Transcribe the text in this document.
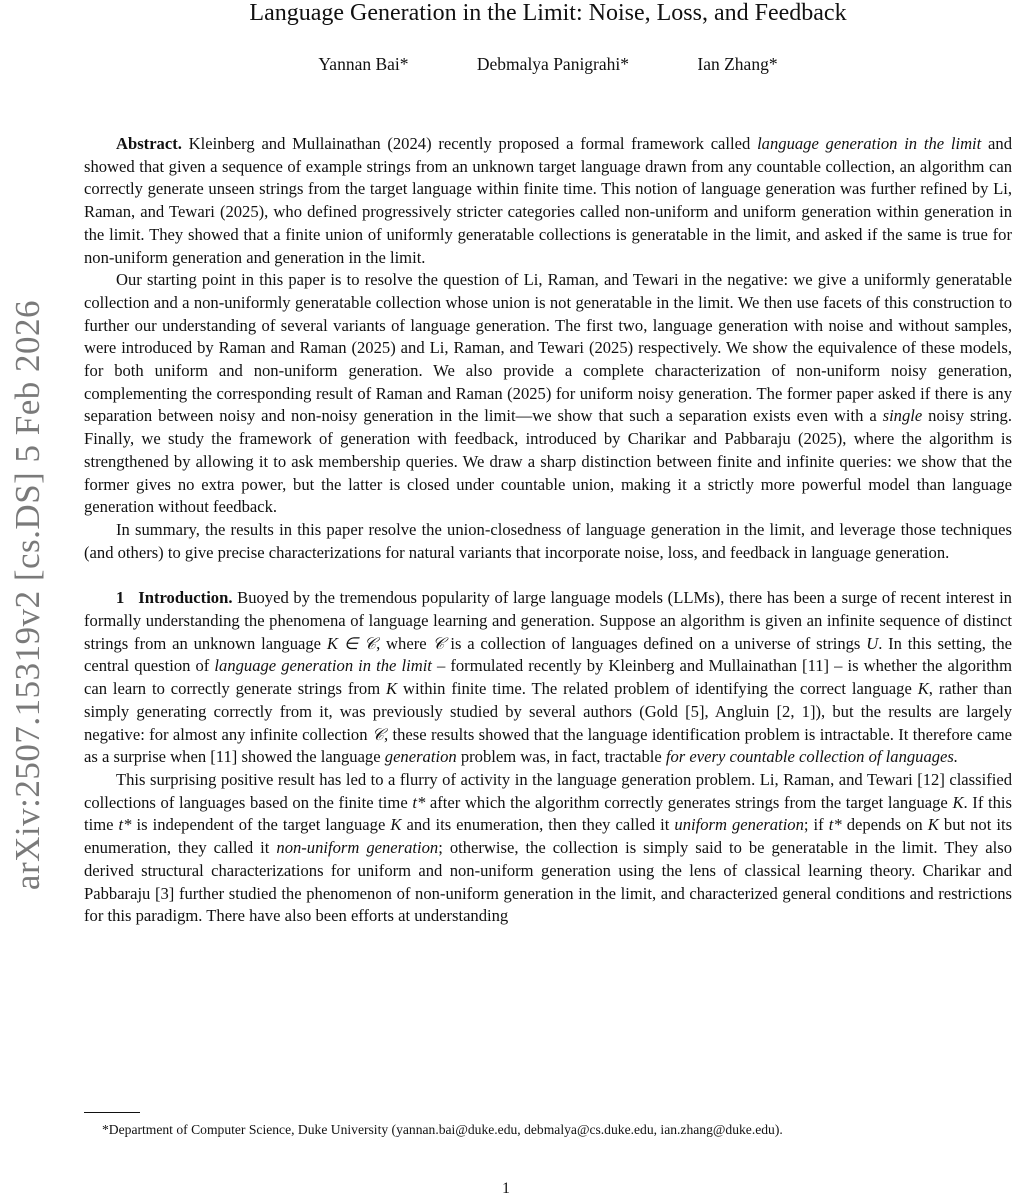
arXiv:2507.15319v2 [cs.DS] 5 Feb 2026
Language Generation in the Limit: Noise, Loss, and Feedback
Yannan Bai*	Debmalya Panigrahi*	Ian Zhang*

Abstract. Kleinberg and Mullainathan (2024) recently proposed a formal framework called language generation in the limit and showed that given a sequence of example strings from an unknown target language drawn from any countable collection, an algorithm can correctly generate unseen strings from the target language within finite time. This notion of language generation was further refined by Li, Raman, and Tewari (2025), who defined progressively stricter categories called non-uniform and uniform generation within generation in the limit. They showed that a finite union of uniformly generatable collections is generatable in the limit, and asked if the same is true for non-uniform generation and generation in the limit.

Our starting point in this paper is to resolve the question of Li, Raman, and Tewari in the negative: we give a uniformly generatable collection and a non-uniformly generatable collection whose union is not generatable in the limit. We then use facets of this construction to further our understanding of several variants of language generation. The first two, language generation with noise and without samples, were introduced by Raman and Raman (2025) and Li, Raman, and Tewari (2025) respectively. We show the equivalence of these models, for both uniform and non-uniform generation. We also provide a complete characterization of non-uniform noisy generation, complementing the corresponding result of Raman and Raman (2025) for uniform noisy generation. The former paper asked if there is any separation between noisy and non-noisy generation in the limit—we show that such a separation exists even with a single noisy string. Finally, we study the framework of generation with feedback, introduced by Charikar and Pabbaraju (2025), where the algorithm is strengthened by allowing it to ask membership queries. We draw a sharp distinction between finite and infinite queries: we show that the former gives no extra power, but the latter is closed under countable union, making it a strictly more powerful model than language generation without feedback.

In summary, the results in this paper resolve the union-closedness of language generation in the limit, and leverage those techniques (and others) to give precise characterizations for natural variants that incorporate noise, loss, and feedback in language generation.

1 Introduction. Buoyed by the tremendous popularity of large language models (LLMs), there has been a surge of recent interest in formally understanding the phenomena of language learning and generation. Suppose an algorithm is given an infinite sequence of distinct strings from an unknown language K ∈ 𝒞, where 𝒞 is a collection of languages defined on a universe of strings U. In this setting, the central question of language generation in the limit – formulated recently by Kleinberg and Mullainathan [11] – is whether the algorithm can learn to correctly generate strings from K within finite time. The related problem of identifying the correct language K, rather than simply generating correctly from it, was previously studied by several authors (Gold [5], Angluin [2, 1]), but the results are largely negative: for almost any infinite collection 𝒞, these results showed that the language identification problem is intractable. It therefore came as a surprise when [11] showed the language generation problem was, in fact, tractable for every countable collection of languages.

This surprising positive result has led to a flurry of activity in the language generation problem. Li, Raman, and Tewari [12] classified collections of languages based on the finite time t* after which the algorithm correctly generates strings from the target language K. If this time t* is independent of the target language K and its enumeration, then they called it uniform generation; if t* depends on K but not its enumeration, they called it non-uniform generation; otherwise, the collection is simply said to be generatable in the limit. They also derived structural characterizations for uniform and non-uniform generation using the lens of classical learning theory. Charikar and Pabbaraju [3] further studied the phenomenon of non-uniform generation in the limit, and characterized general conditions and restrictions for this paradigm. There have also been efforts at understanding

*Department of Computer Science, Duke University (yannan.bai@duke.edu, debmalya@cs.duke.edu, ian.zhang@duke.edu).
1
